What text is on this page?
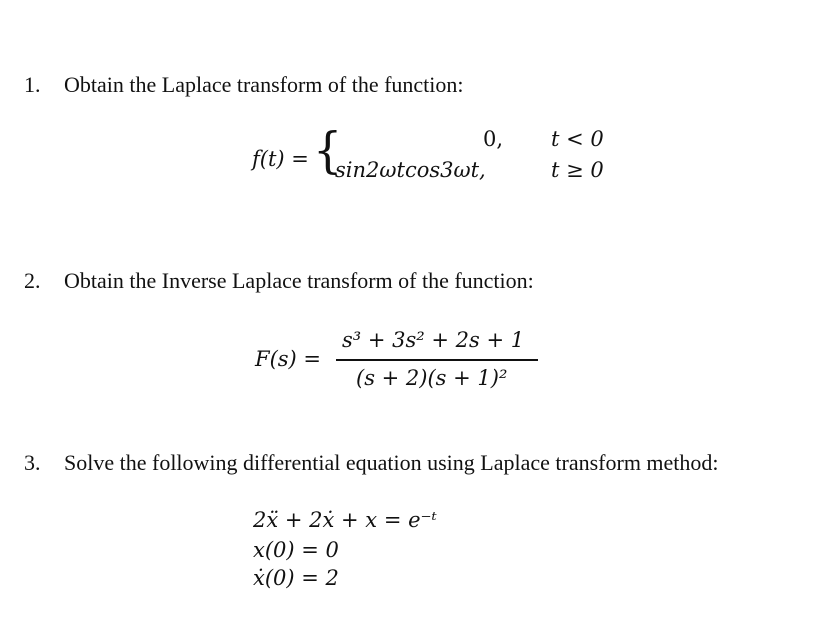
1. Obtain the Laplace transform of the function:
f(t) = {	0, t < 0
sin2ωtcos3ωt,	t ≥ 0
2. Obtain the Inverse Laplace transform of the function:
F(s) =
s³ + 3s² + 2s + 1
(s + 2)(s + 1)²
3. Solve the following differential equation using Laplace transform method:
2ẍ + 2ẋ + x = e⁻ᵗ
x(0) = 0
ẋ(0) = 2
